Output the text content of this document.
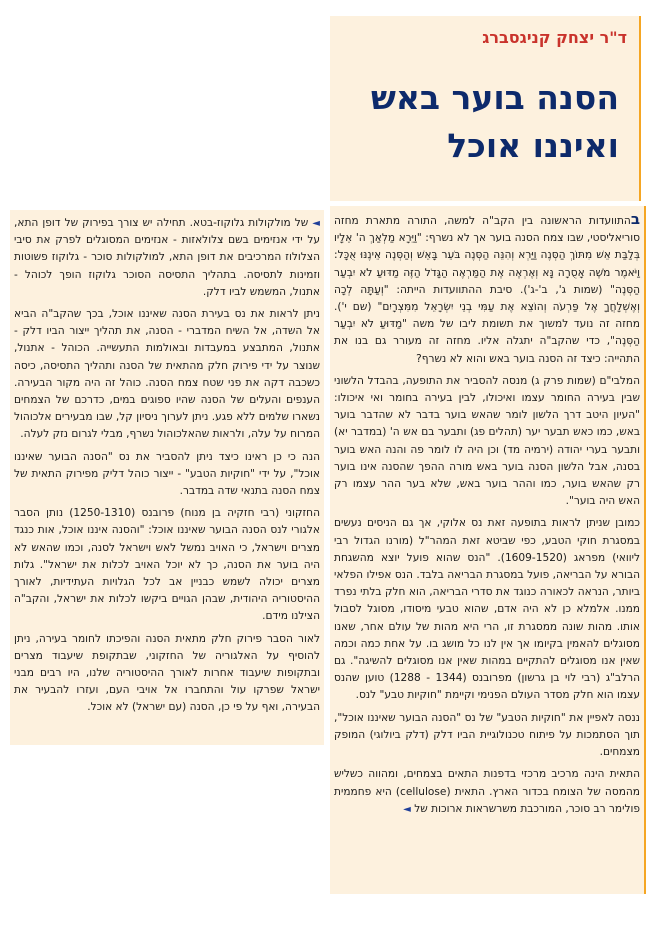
ד"ר יצחק קניגסברג
הסנה בוער באש
ואיננו אוכל

בהתוועדות הראשונה בין הקב"ה למשה, התורה מתארת מחזה סוריאליסטי, שבו צמח הסנה בוער אך לא נשרף: "וַיֵּרָא מַלְאַךְ ה' אֵלָיו בְּלַבַּת אֵשׁ מִתּוֹךְ הַסְּנֶה וַיַּרְא וְהִנֵּה הַסְּנֶה בֹּעֵר בָּאֵשׁ וְהַסְּנֶה אֵינֶנּוּ אֻכָּל: וַיֹּאמֶר מֹשֶׁה אָסֻרָה נָּא וְאֶרְאֶה אֶת הַמַּרְאֶה הַגָּדֹל הַזֶּה מַדּוּעַ לֹא יִבְעַר הַסְּנֶה" (שמות ג', ב'-ג'). סיבת ההתוועדות הייתה: "וְעַתָּה לְכָה וְאֶשְׁלָחֲךָ אֶל פַּרְעֹה וְהוֹצֵא אֶת עַמִּי בְנֵי יִשְׂרָאֵל מִמִּצְרָיִם" (שם י'). מחזה זה נועד למשוך את תשומת ליבו של משה "מַדּוּעַ לֹא יִבְעַר הַסְּנֶה", כדי שהקב"ה יתגלה אליו. מחזה זה מעורר גם בנו את התהייה: כיצד זה הסנה בוער באש והוא לא נשרף?

המלבי"ם (שמות פרק ג) מנסה להסביר את התופעה, בהבדל הלשוני שבין בעירה החומר עצמו ואיכולו, לבין בעירה בחומר ואי איכולו: "העיון היטב דרך הלשון לומר שהאש בוער בדבר לא שהדבר בוער באש, כמו כאש תבער יער (תהלים פג) ותבער בם אש ה' (במדבר יא) ותבער בערי יהודה (ירמיה מד) וכן היה לו לומר פה והנה האש בוער בסנה, אבל הלשון הסנה בוער באש מורה ההפך שהסנה אינו בוער רק שהאש בוער, כמו וההר בוער באש, שלא בער ההר עצמו רק האש היה בוער".

כמובן שניתן לראות בתופעה זאת נס אלוקי, אך גם הניסים נעשים במסגרת חוקי הטבע, כפי שביטא זאת המהר"ל (מורנו הגדול רבי ליוואי) מפראג (1609-1520). "הנס שהוא פועל יוצא מהשגחת הבורא על הבריאה, פועל במסגרת הבריאה בלבד. הנס אפילו הפלאי ביותר, הנראה לכאורה כנוגד את סדרי הבריאה, הוא חלק בלתי נפרד ממנו. אלמלא כן לא היה אדם, שהוא טבעי מיסודו, מסוגל לסבול אותו. מהות שונה ממסגרת זו, הרי היא מהות של עולם אחר, שאנו מסוגלים להאמין בקיומו אך אין לנו כל מושג בו. על אחת כמה וכמה שאין אנו מסוגלים להתקיים במהות שאין אנו מסוגלים להשיגה". גם הרלב"ג (רבי לוי בן גרשון) מפרובנס (1344 - 1288) טוען שהנס עצמו הוא חלק מסדר העולם הפנימי וקיימת "חוקיות טבע" לנס.

ננסה לאפיין את "חוקיות הטבע" של נס "הסנה הבוער שאיננו אוכל", תוך הסתמכות על פיתוח טכנולוגיית הביו דלק (דלק ביולוגי) המופק מצמחים.

התאית הינה מרכיב מרכזי בדפנות התאים בצמחים, ומהווה כשליש מהמסה של הצומח בכדור הארץ. התאית (cellulose) היא פחממית פולימר רב סוכר, המורכבת משרשראות ארוכות של ◄

◄ של מולקולות גלוקוז-בטא. תחילה יש צורך בפירוק של דופן התא, על ידי אנזימים בשם צלולאזות - אנזימים המסוגלים לפרק את סיבי הצלולוז המרכיבים את דופן התא, למולקולות סוכר - גלוקוז פשוטות וזמינות לתסיסה. בתהליך התסיסה הסוכר גלוקוז הופך לכוהל - אתנול, המשמש לביו דלק.

ניתן לראות את נס בעירת הסנה שאיננו אוכל, בכך שהקב"ה הביא אל השדה, אל השיח המדברי - הסנה, את תהליך ייצור הביו דלק - אתנול, המתבצע במעבדות ובאולמות התעשייה. הכוהל - אתנול, שנוצר על ידי פירוק חלק מהתאית של הסנה ותהליך התסיסה, כיסה כשכבה דקה את פני שטח צמח הסנה. כוהל זה היה מקור הבעירה. הענפים והעלים של הסנה שהיו ספוגים במים, כדרכם של הצמחים נשארו שלמים ללא פגע. ניתן לערוך ניסיון קל, שבו מבעירים אלכוהול המרוח על עלה, ולראות שהאלכוהול נשרף, מבלי לגרום נזק לעלה.

הנה כי כן ראינו כיצד ניתן להסביר את נס "הסנה הבוער שאיננו אוכל", על ידי "חוקיות הטבע" - ייצור כוהל דליק מפירוק התאית של צמח הסנה בתנאי שדה במדבר.

החזקוני (רבי חזקיה בן מנוח) פרובנס (1250-1310) נותן הסבר אלגורי לנס הסנה הבוער שאיננו אוכל: "והסנה איננו אוכל, אות כנגד מצרים וישראל, כי האויב נמשל לאש וישראל לסנה, וכמו שהאש לא היה בוער את הסנה, כך לא יוכל האויב לכלות את ישראל". גלות מצרים יכולה לשמש כבניין אב לכל הגלויות העתידיות, לאורך ההיסטוריה היהודית, שבהן הגויים ביקשו לכלות את ישראל, והקב"ה הצילנו מידם.

לאור הסבר פירוק חלק מתאית הסנה והפיכתו לחומר בעירה, ניתן להוסיף על האלגוריה של החזקוני, שבתקופת שיעבוד מצרים ובתקופות שיעבוד אחרות לאורך ההיסטוריה שלנו, היו רבים מבני ישראל שפרקו עול והתחברו אל אויבי העם, ועזרו להבעיר את הבעירה, ואף על פי כן, הסנה (עם ישראל) לא אוכל.
